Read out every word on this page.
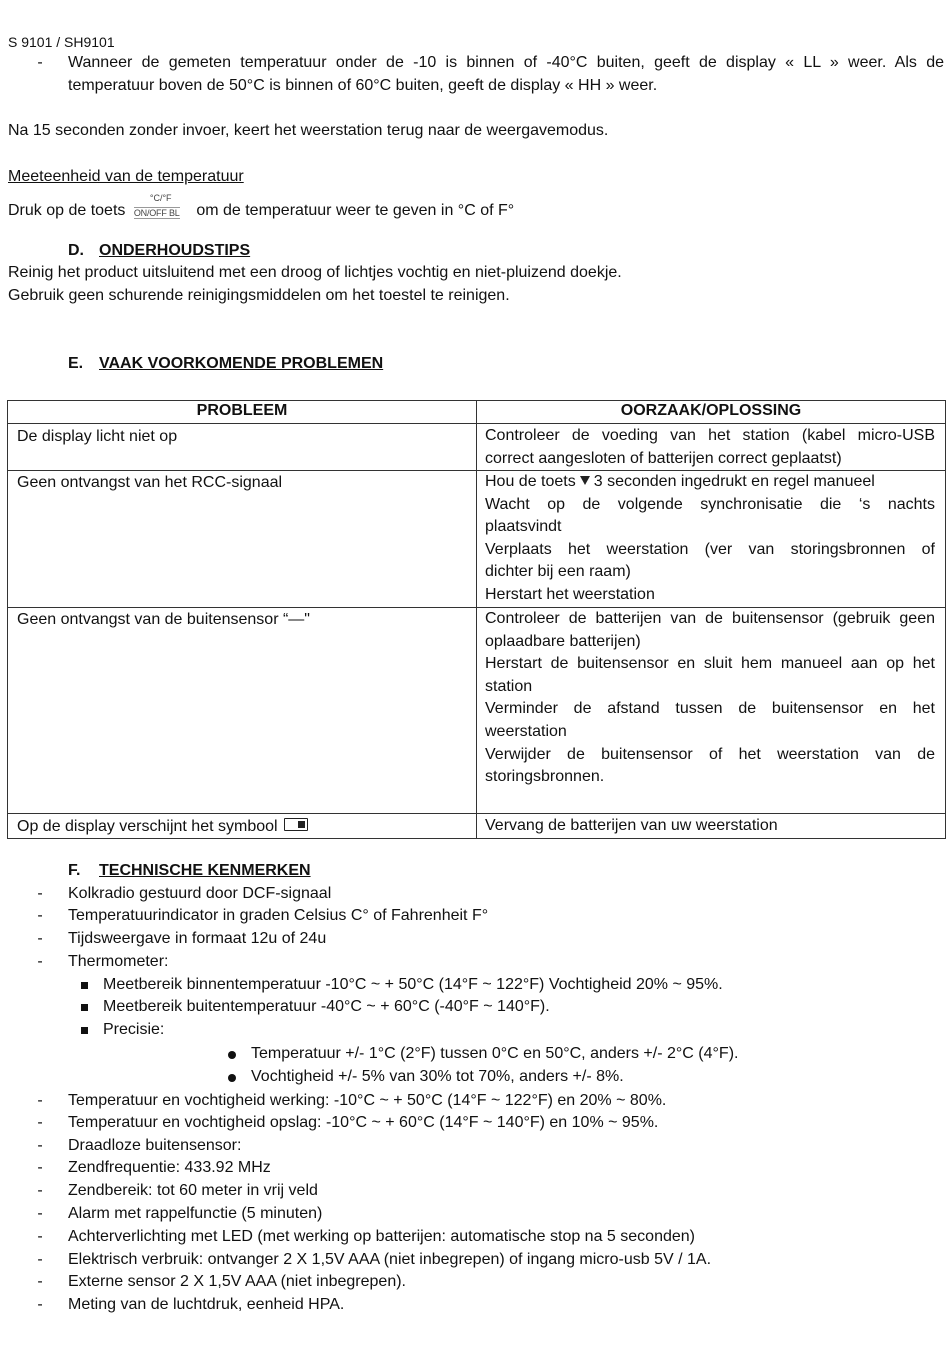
S 9101 / SH9101
-	Wanneer de gemeten temperatuur onder de -10 is binnen of -40°C buiten, geeft de display « LL » weer. Als de
temperatuur boven de 50°C is binnen of 60°C buiten, geeft de display « HH » weer.
Na 15 seconden zonder invoer, keert het weerstation terug naar de weergavemodus.
Meeteenheid van de temperatuur
Druk op de toets
°C/°F
ON/OFF BL om de temperatuur weer te geven in °C of F°
D. ONDERHOUDSTIPS
Reinig het product uitsluitend met een droog of lichtjes vochtig en niet-pluizend doekje.
Gebruik geen schurende reinigingsmiddelen om het toestel te reinigen.
E. VAAK VOORKOMENDE PROBLEMEN
PROBLEEM	OORZAAK/OPLOSSING
De display licht niet op	Controleer de voeding van het station (kabel micro-USB
correct aangesloten of batterijen correct geplaatst)
Geen ontvangst van het RCC-signaal	Hou de toets 3 seconden ingedrukt en regel manueel
Wacht op de volgende synchronisatie die ‘s nachts
plaatsvindt
Verplaats het weerstation (ver van storingsbronnen of
dichter bij een raam)
Herstart het weerstation
Geen ontvangst van de buitensensor “—"	Controleer de batterijen van de buitensensor (gebruik geen
oplaadbare batterijen)
Herstart de buitensensor en sluit hem manueel aan op het
station
Verminder de afstand tussen de buitensensor en het
weerstation
Verwijder de buitensensor of het weerstation van de
storingsbronnen.
Op de display verschijnt het symbool	Vervang de batterijen van uw weerstation
F. TECHNISCHE KENMERKEN
-	Kolkradio gestuurd door DCF-signaal
-	Temperatuurindicator in graden Celsius C° of Fahrenheit F°
-	Tijdsweergave in formaat 12u of 24u
-	Thermometer:
Meetbereik binnentemperatuur -10°C ~ + 50°C (14°F ~ 122°F) Vochtigheid 20% ~ 95%.
Meetbereik buitentemperatuur -40°C ~ + 60°C (-40°F ~ 140°F).
Precisie:
Temperatuur +/- 1°C (2°F) tussen 0°C en 50°C, anders +/- 2°C (4°F).
Vochtigheid +/- 5% van 30% tot 70%, anders +/- 8%.
-	Temperatuur en vochtigheid werking: -10°C ~ + 50°C (14°F ~ 122°F) en 20% ~ 80%.
-	Temperatuur en vochtigheid opslag: -10°C ~ + 60°C (14°F ~ 140°F) en 10% ~ 95%.
-	Draadloze buitensensor:
-	Zendfrequentie: 433.92 MHz
-	Zendbereik: tot 60 meter in vrij veld
-	Alarm met rappelfunctie (5 minuten)
-	Achterverlichting met LED (met werking op batterijen: automatische stop na 5 seconden)
-	Elektrisch verbruik: ontvanger 2 X 1,5V AAA (niet inbegrepen) of ingang micro-usb 5V / 1A.
-	Externe sensor 2 X 1,5V AAA (niet inbegrepen).
-	Meting van de luchtdruk, eenheid HPA.
